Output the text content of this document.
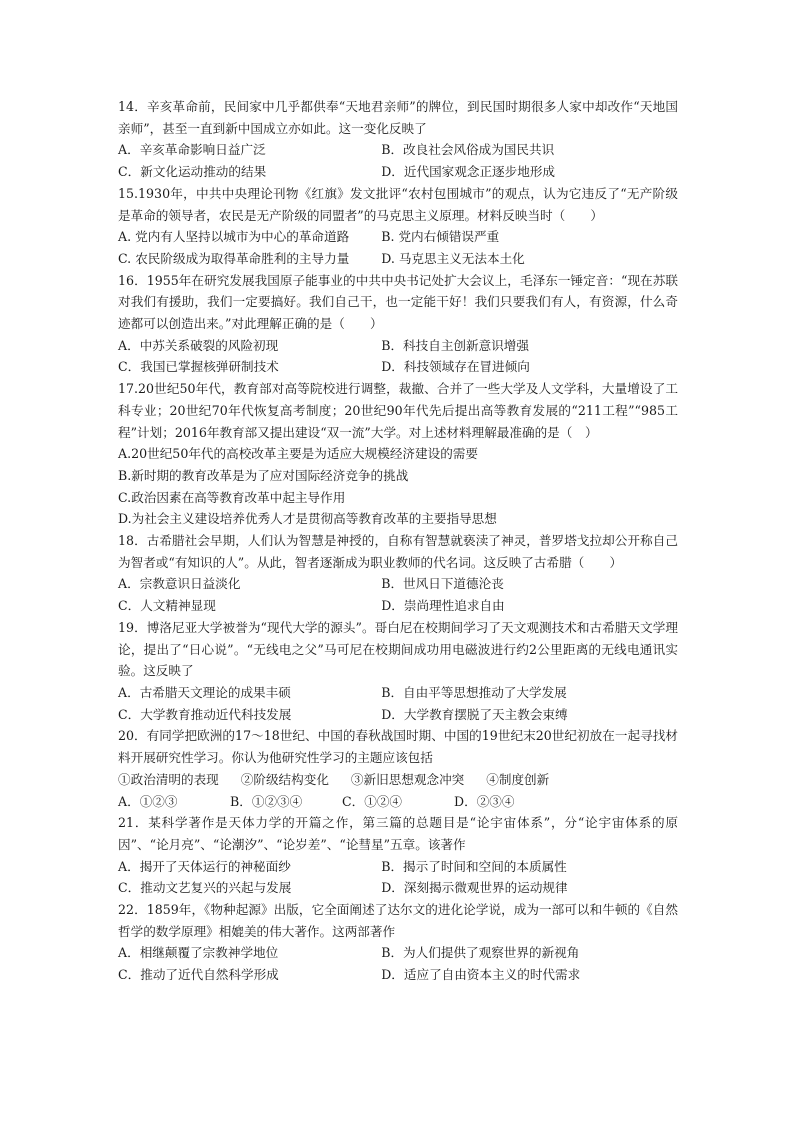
14．辛亥革命前，民间家中几乎都供奉“天地君亲师”的牌位，到民国时期很多人家中却改作“天地国亲师”，甚至一直到新中国成立亦如此。这一变化反映了

A．辛亥革命影响日益广泛	B．改良社会风俗成为国民共识

C．新文化运动推动的结果	D．近代国家观念正逐步地形成

15.1930年，中共中央理论刊物《红旗》发文批评“农村包围城市”的观点，认为它违反了“无产阶级是革命的领导者，农民是无产阶级的同盟者”的马克思主义原理。材料反映当时（　　）

A. 党内有人坚持以城市为中心的革命道路	B. 党内右倾错误严重

C. 农民阶级成为取得革命胜利的主导力量	D. 马克思主义无法本土化

16．1955年在研究发展我国原子能事业的中共中央书记处扩大会议上，毛泽东一锤定音：“现在苏联对我们有援助，我们一定要搞好。我们自己干，也一定能干好！我们只要我们有人，有资源，什么奇迹都可以创造出来。”对此理解正确的是（　　）

A．中苏关系破裂的风险初现	B．科技自主创新意识增强

C．我国已掌握核弹研制技术	D．科技领域存在冒进倾向

17.20世纪50年代，教育部对高等院校进行调整，裁撤、合并了一些大学及人文学科，大量增设了工科专业；20世纪70年代恢复高考制度；20世纪90年代先后提出高等教育发展的“211工程”“985工程”计划；2016年教育部又提出建设“双一流”大学。对上述材料理解最准确的是（　）

A.20世纪50年代的高校改革主要是为适应大规模经济建设的需要

B.新时期的教育改革是为了应对国际经济竞争的挑战

C.政治因素在高等教育改革中起主导作用

D.为社会主义建设培养优秀人才是贯彻高等教育改革的主要指导思想

18．古希腊社会早期，人们认为智慧是神授的，自称有智慧就亵渎了神灵，普罗塔戈拉却公开称自己为智者或“有知识的人”。从此，智者逐渐成为职业教师的代名词。这反映了古希腊（　　）

A．宗教意识日益淡化	B．世风日下道德沦丧

C．人文精神显现	D．崇尚理性追求自由

19．博洛尼亚大学被誉为“现代大学的源头”。哥白尼在校期间学习了天文观测技术和古希腊天文学理论，提出了“日心说”。“无线电之父”马可尼在校期间成功用电磁波进行约2公里距离的无线电通讯实验。这反映了

A．古希腊天文理论的成果丰硕	B．自由平等思想推动了大学发展

C．大学教育推动近代科技发展	D．大学教育摆脱了天主教会束缚

20．有同学把欧洲的17～18世纪、中国的春秋战国时期、中国的19世纪末20世纪初放在一起寻找材料开展研究性学习。你认为他研究性学习的主题应该包括

①政治清明的表现 ②阶级结构变化 ③新旧思想观念冲突 ④制度创新

A．①②③	B．①②③④	C．①②④	D．②③④

21．某科学著作是天体力学的开篇之作，第三篇的总题目是“论宇宙体系”，分“论宇宙体系的原因”、“论月亮”、“论潮汐”、“论岁差”、“论彗星”五章。该著作

A．揭开了天体运行的神秘面纱	B．揭示了时间和空间的本质属性

C．推动文艺复兴的兴起与发展	D．深刻揭示微观世界的运动规律

22．1859年，《物种起源》出版，它全面阐述了达尔文的进化论学说，成为一部可以和牛顿的《自然哲学的数学原理》相媲美的伟大著作。这两部著作

A．相继颠覆了宗教神学地位	B．为人们提供了观察世界的新视角

C．推动了近代自然科学形成	D．适应了自由资本主义的时代需求
